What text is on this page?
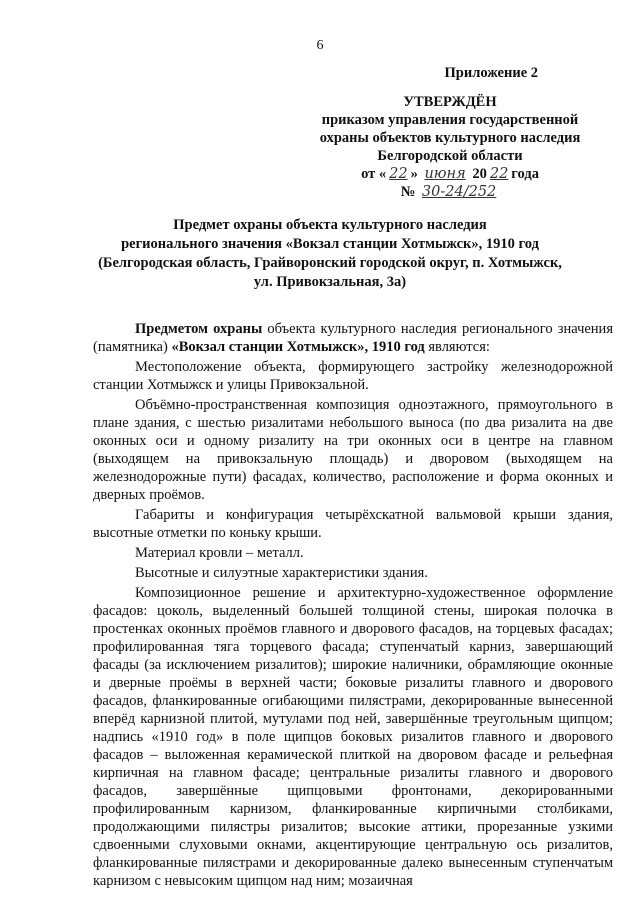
6
Приложение 2
УТВЕРЖДЁН
приказом управления государственной
охраны объектов культурного наследия
Белгородской области
от « 22 » июня 20 22 года
№ 30-24/252
Предмет охраны объекта культурного наследия
регионального значения «Вокзал станции Хотмыжск», 1910 год
(Белгородская область, Грайворонский городской округ, п. Хотмыжск,
ул. Привокзальная, 3а)

Предметом охраны объекта культурного наследия регионального значения (памятника) «Вокзал станции Хотмыжск», 1910 год являются:

Местоположение объекта, формирующего застройку железнодорожной станции Хотмыжск и улицы Привокзальной.

Объёмно-пространственная композиция одноэтажного, прямоугольного в плане здания, с шестью ризалитами небольшого выноса (по два ризалита на две оконных оси и одному ризалиту на три оконных оси в центре на главном (выходящем на привокзальную площадь) и дворовом (выходящем на железнодорожные пути) фасадах, количество, расположение и форма оконных и дверных проёмов.

Габариты и конфигурация четырёхскатной вальмовой крыши здания, высотные отметки по коньку крыши.

Материал кровли – металл.

Высотные и силуэтные характеристики здания.

Композиционное решение и архитектурно-художественное оформление фасадов: цоколь, выделенный большей толщиной стены, широкая полочка в простенках оконных проёмов главного и дворового фасадов, на торцевых фасадах; профилированная тяга торцевого фасада; ступенчатый карниз, завершающий фасады (за исключением ризалитов); широкие наличники, обрамляющие оконные и дверные проёмы в верхней части; боковые ризалиты главного и дворового фасадов, фланкированные огибающими пилястрами, декорированные вынесенной вперёд карнизной плитой, мутулами под ней, завершённые треугольным щипцом; надпись «1910 год» в поле щипцов боковых ризалитов главного и дворового фасадов – выложенная керамической плиткой на дворовом фасаде и рельефная кирпичная на главном фасаде; центральные ризалиты главного и дворового фасадов, завершённые щипцовыми фронтонами, декорированными профилированным карнизом, фланкированные кирпичными столбиками, продолжающими пилястры ризалитов; высокие аттики, прорезанные узкими сдвоенными слуховыми окнами, акцентирующие центральную ось ризалитов, фланкированные пилястрами и декорированные далеко вынесенным ступенчатым карнизом с невысоким щипцом над ним; мозаичная
